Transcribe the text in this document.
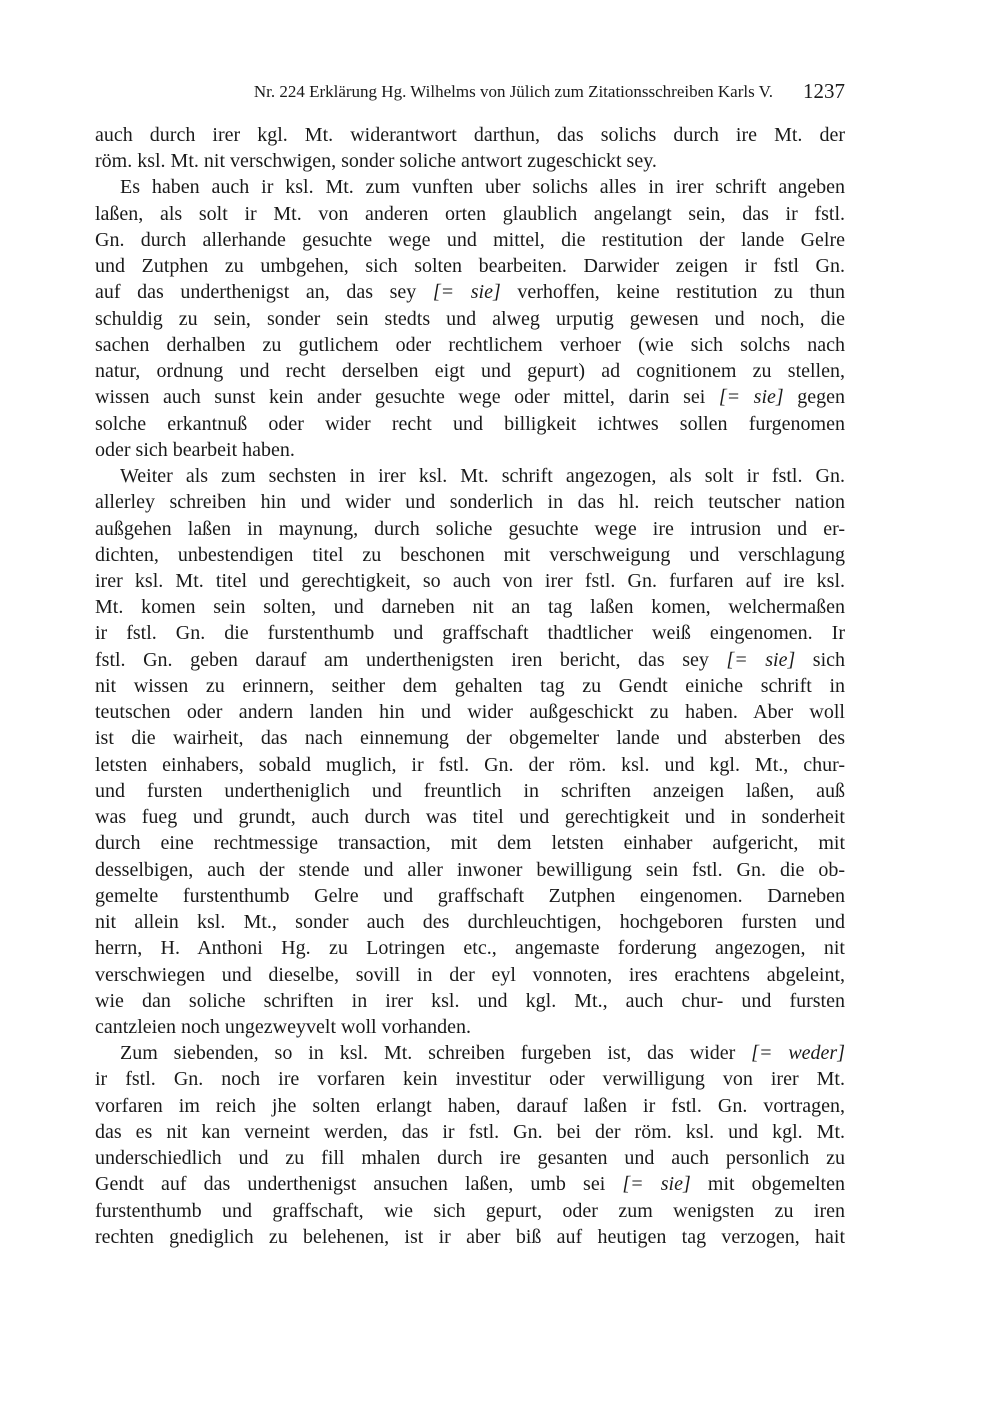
Nr. 224 Erklärung Hg. Wilhelms von Jülich zum Zitationsschreiben Karls V. 1237
auch durch irer kgl. Mt. widerantwort darthun, das solichs durch ire Mt. der
röm. ksl. Mt. nit verschwigen, sonder soliche antwort zugeschickt sey.
Es haben auch ir ksl. Mt. zum vunften uber solichs alles in irer schrift angeben
laßen, als solt ir Mt. von anderen orten glaublich angelangt sein, das ir fstl.
Gn. durch allerhande gesuchte wege und mittel, die restitution der lande Gelre
und Zutphen zu umbgehen, sich solten bearbeiten. Darwider zeigen ir fstl Gn.
auf das underthenigst an, das sey [= sie] verhoffen, keine restitution zu thun
schuldig zu sein, sonder sein stedts und alweg urputig gewesen und noch, die
sachen derhalben zu gutlichem oder rechtlichem verhoer (wie sich solchs nach
natur, ordnung und recht derselben eigt und gepurt) ad cognitionem zu stellen,
wissen auch sunst kein ander gesuchte wege oder mittel, darin sei [= sie] gegen
solche erkantnuß oder wider recht und billigkeit ichtwes sollen furgenomen
oder sich bearbeit haben.
Weiter als zum sechsten in irer ksl. Mt. schrift angezogen, als solt ir fstl. Gn.
allerley schreiben hin und wider und sonderlich in das hl. reich teutscher nation
außgehen laßen in maynung, durch soliche gesuchte wege ire intrusion und er-
dichten, unbestendigen titel zu beschonen mit verschweigung und verschlagung
irer ksl. Mt. titel und gerechtigkeit, so auch von irer fstl. Gn. furfaren auf ire ksl.
Mt. komen sein solten, und darneben nit an tag laßen komen, welchermaßen
ir fstl. Gn. die furstenthumb und graffschaft thadtlicher weiß eingenomen. Ir
fstl. Gn. geben darauf am underthenigsten iren bericht, das sey [= sie] sich
nit wissen zu erinnern, seither dem gehalten tag zu Gendt einiche schrift in
teutschen oder andern landen hin und wider außgeschickt zu haben. Aber woll
ist die wairheit, das nach einnemung der obgemelter lande und absterben des
letsten einhabers, sobald muglich, ir fstl. Gn. der röm. ksl. und kgl. Mt., chur-
und fursten undertheniglich und freuntlich in schriften anzeigen laßen, auß
was fueg und grundt, auch durch was titel und gerechtigkeit und in sonderheit
durch eine rechtmessige transaction, mit dem letsten einhaber aufgericht, mit
desselbigen, auch der stende und aller inwoner bewilligung sein fstl. Gn. die ob-
gemelte furstenthumb Gelre und graffschaft Zutphen eingenomen. Darneben
nit allein ksl. Mt., sonder auch des durchleuchtigen, hochgeboren fursten und
herrn, H. Anthoni Hg. zu Lotringen etc., angemaste forderung angezogen, nit
verschwiegen und dieselbe, sovill in der eyl vonnoten, ires erachtens abgeleint,
wie dan soliche schriften in irer ksl. und kgl. Mt., auch chur- und fursten
cantzleien noch ungezweyvelt woll vorhanden.
Zum siebenden, so in ksl. Mt. schreiben furgeben ist, das wider [= weder]
ir fstl. Gn. noch ire vorfaren kein investitur oder verwilligung von irer Mt.
vorfaren im reich jhe solten erlangt haben, darauf laßen ir fstl. Gn. vortragen,
das es nit kan verneint werden, das ir fstl. Gn. bei der röm. ksl. und kgl. Mt.
underschiedlich und zu fill mhalen durch ire gesanten und auch personlich zu
Gendt auf das underthenigst ansuchen laßen, umb sei [= sie] mit obgemelten
furstenthumb und graffschaft, wie sich gepurt, oder zum wenigsten zu iren
rechten gnediglich zu belehenen, ist ir aber biß auf heutigen tag verzogen, hait
